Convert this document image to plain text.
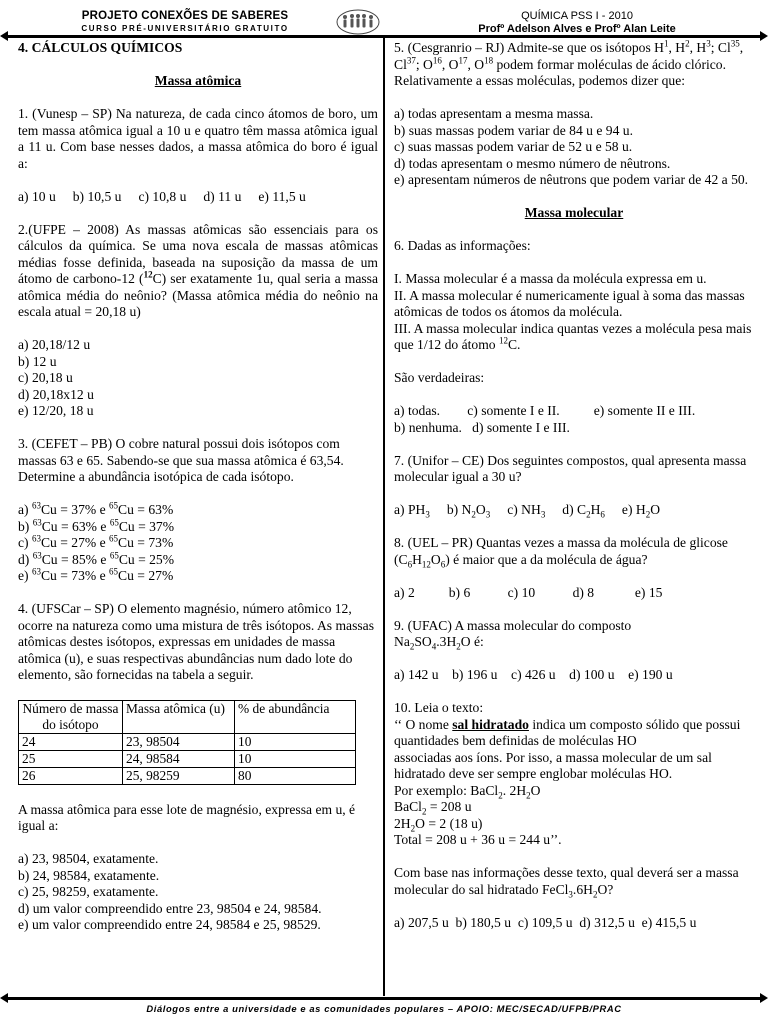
PROJETO CONEXÕES DE SABERES
CURSO PRÉ-UNIVERSITÁRIO GRATUITO
QUÍMICA PSS I - 2010
Profº Adelson Alves e Profº Alan Leite

4. CÁLCULOS QUÍMICOS

Massa atômica

1. (Vunesp – SP) Na natureza, de cada cinco átomos de boro, um tem massa atômica igual a 10 u e quatro têm massa atômica igual a 11 u. Com base nesses dados, a massa atômica do boro é igual a:

a) 10 u     b) 10,5 u     c) 10,8 u     d) 11 u     e) 11,5 u

2.(UFPE – 2008) As massas atômicas são essenciais para os cálculos da química. Se uma nova escala de massas atômicas médias fosse definida, baseada na suposição da massa de um átomo de carbono-12 ($^{12}$C) ser exatamente 1u, qual seria a massa atômica média do neônio? (Massa atômica média do neônio na escala atual = 20,18 u)

a) 20,18/12 u

b) 12 u

c) 20,18 u

d) 20,18x12 u

e) 12/20, 18 u

3. (CEFET – PB) O cobre natural possui dois isótopos com massas 63 e 65. Sabendo-se que sua massa atômica é 63,54. Determine a abundância isotópica de cada isótopo.

a) $^{63}$Cu = 37% e $^{65}$Cu = 63%

b) $^{63}$Cu = 63% e $^{65}$Cu = 37%

c) $^{63}$Cu = 27% e $^{65}$Cu = 73%

d) $^{63}$Cu = 85% e $^{65}$Cu = 25%

e) $^{63}$Cu = 73% e $^{65}$Cu = 27%

4. (UFSCar – SP) O elemento magnésio, número atômico 12, ocorre na natureza como uma mistura de três isótopos. As massas atômicas destes isótopos, expressas em unidades de massa atômica (u), e suas respectivas abundâncias num dado lote do elemento, são fornecidas na tabela a seguir.

Número de massa do isótopo	Massa atômica (u)	% de abundância
24	23, 98504	10
25	24, 98584	10
26	25, 98259	80

A massa atômica para esse lote de magnésio, expressa em u, é igual a:

a) 23, 98504, exatamente.

b) 24, 98584, exatamente.

c) 25, 98259, exatamente.

d) um valor compreendido entre 23, 98504 e 24, 98584.

e) um valor compreendido entre 24, 98584 e 25, 98529.

5. (Cesgranrio – RJ) Admite-se que os isótopos $H^1$, $H^2$, $H^3$; Cl$^{35}$, Cl$^{37}$; $O^{16}$, $O^{17}$, $O^{18}$ podem formar moléculas de ácido clórico. Relativamente a essas moléculas, podemos dizer que:

a) todas apresentam a mesma massa.

b) suas massas podem variar de 84 u e 94 u.

c) suas massas podem variar de 52 u e 58 u.

d) todas apresentam o mesmo número de nêutrons.

e) apresentam números de nêutrons que podem variar de 42 a 50.

Massa molecular

6. Dadas as informações:

I. Massa molecular é a massa da molécula expressa em u.

II. A massa molecular é numericamente igual à soma das massas atômicas de todos os átomos da molécula.

III. A massa molecular indica quantas vezes a molécula pesa mais que 1/12 do átomo $^{12}$C.

São verdadeiras:

a) todas.        c) somente I e II.          e) somente II e III.

b) nenhuma.   d) somente I e III.

7. (Unifor – CE) Dos seguintes compostos, qual apresenta massa molecular igual a 30 u?

a) $PH_3$     b) $N_2O_3$     c) $NH_3$     d) $C_2H_6$     e) $H_2O$

8. (UEL – PR) Quantas vezes a massa da molécula de glicose $(C_6H_{12}O_6)$ é maior que a da molécula de água?

a) 2          b) 6           c) 10           d) 8            e) 15

9. (UFAC) A massa molecular do composto
$Na_2SO_4.3H_2O$ é:

a) 142 u    b) 196 u    c) 426 u    d) 100 u    e) 190 u

10. Leia o texto:

‘‘ O nome sal hidratado indica um composto sólido que possui quantidades bem definidas de moléculas HO
associadas aos íons. Por isso, a massa molecular de um sal hidratado deve ser sempre englobar moléculas HO.

Por exemplo: BaCl$_2$. $2H_2O$

BaCl$_2$ = 208 u

$2H_2O = 2$ (18 u)

Total = 208 u + 36 u = 244 u’’.

Com base nas informações desse texto, qual deverá ser a massa molecular do sal hidratado $FeCl_3.6H_2O$?

a) 207,5 u  b) 180,5 u  c) 109,5 u  d) 312,5 u  e) 415,5 u

Diálogos entre a universidade e as comunidades populares – APOIO: MEC/SECAD/UFPB/PRAC
